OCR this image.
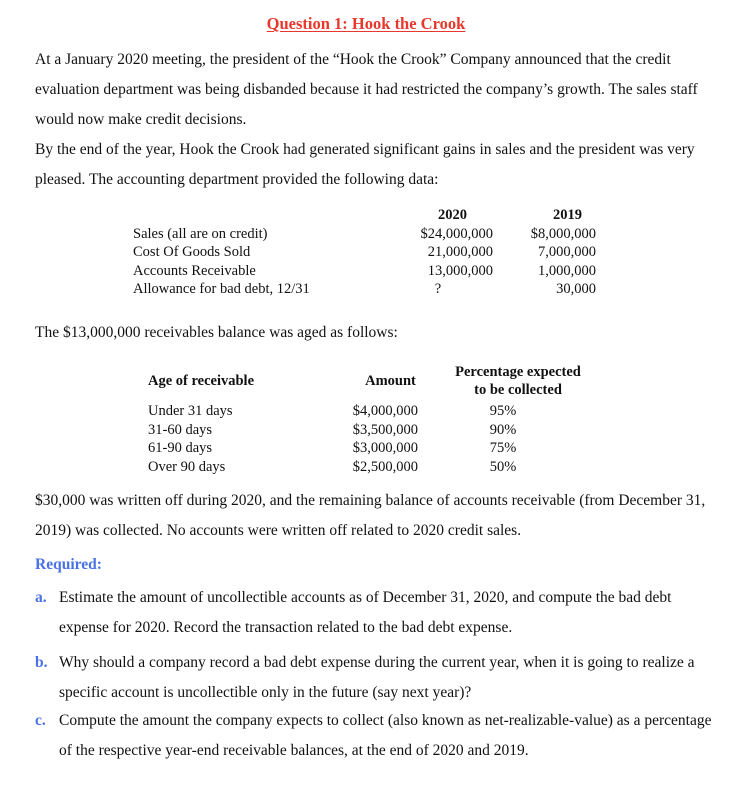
Question 1: Hook the Crook
At a January 2020 meeting, the president of the “Hook the Crook” Company announced that the credit evaluation department was being disbanded because it had restricted the company’s growth. The sales staff would now make credit decisions.
By the end of the year, Hook the Crook had generated significant gains in sales and the president was very pleased. The accounting department provided the following data:
2020	2019
Sales (all are on credit)	$24,000,000	$8,000,000
Cost Of Goods Sold	21,000,000	7,000,000
Accounts Receivable	13,000,000	1,000,000
Allowance for bad debt, 12/31	?	30,000
The $13,000,000 receivables balance was aged as follows:
Age of receivable	Amount
Percentage expected
to be collected
Under 31 days	$4,000,000	95%
31-60 days	$3,500,000	90%
61-90 days	$3,000,000	75%
Over 90 days	$2,500,000	50%
$30,000 was written off during 2020, and the remaining balance of accounts receivable (from December 31, 2019) was collected. No accounts were written off related to 2020 credit sales.
Required:
a. Estimate the amount of uncollectible accounts as of December 31, 2020, and compute the bad debt expense for 2020. Record the transaction related to the bad debt expense.
b. Why should a company record a bad debt expense during the current year, when it is going to realize a specific account is uncollectible only in the future (say next year)?
c. Compute the amount the company expects to collect (also known as net-realizable-value) as a percentage of the respective year-end receivable balances, at the end of 2020 and 2019.
